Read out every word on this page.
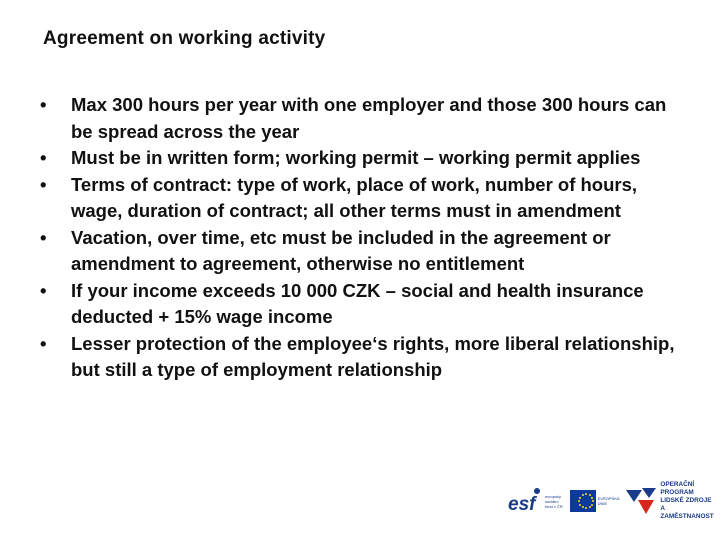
Agreement on working activity
• Max 300 hours per year with one employer and those 300 hours can be spread across the year
• Must be in written form; working permit – working permit applies
• Terms of contract: type of work, place of work, number of hours, wage, duration of contract; all other terms must in amendment
• Vacation, over time, etc must be included in the agreement or amendment to agreement, otherwise no entitlement
• If your income exceeds 10 000 CZK – social and health insurance deducted + 15% wage income
• Lesser protection of the employee‘s rights, more liberal relationship, but still a type of employment relationship
esf	evropský sociální fond v ČR
EVROPSKÁ UNIE
OPERAČNÍ PROGRAM
LIDSKÉ ZDROJE
A ZAMĚSTNANOST
